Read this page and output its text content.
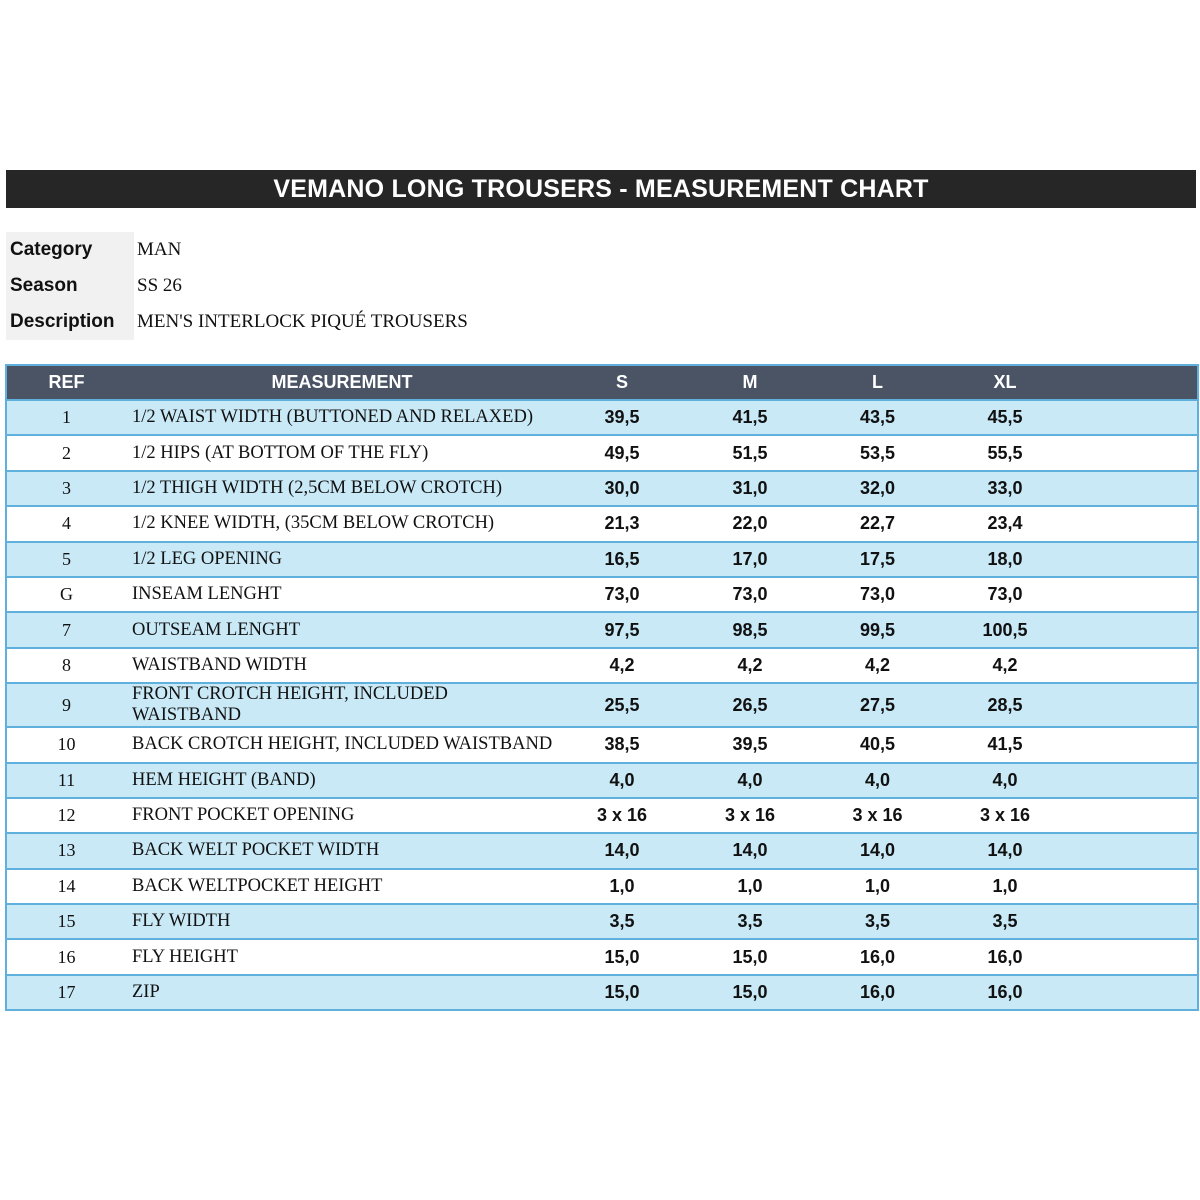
VEMANO LONG TROUSERS - MEASUREMENT CHART
Category	MAN
Season	SS 26
Description	MEN'S INTERLOCK PIQUÉ TROUSERS
REF	MEASUREMENT	S	M	L	XL
1	1/2 WAIST WIDTH (BUTTONED AND RELAXED)	39,5	41,5	43,5	45,5
2	1/2 HIPS (AT BOTTOM OF THE FLY)	49,5	51,5	53,5	55,5
3	1/2 THIGH WIDTH (2,5CM BELOW CROTCH)	30,0	31,0	32,0	33,0
4	1/2 KNEE WIDTH, (35CM BELOW CROTCH)	21,3	22,0	22,7	23,4
5	1/2 LEG OPENING	16,5	17,0	17,5	18,0
G	INSEAM LENGHT	73,0	73,0	73,0	73,0
7	OUTSEAM LENGHT	97,5	98,5	99,5	100,5
8	WAISTBAND WIDTH	4,2	4,2	4,2	4,2
9	FRONT CROTCH HEIGHT, INCLUDED WAISTBAND	25,5	26,5	27,5	28,5
10	BACK CROTCH HEIGHT, INCLUDED WAISTBAND	38,5	39,5	40,5	41,5
11	HEM HEIGHT (BAND)	4,0	4,0	4,0	4,0
12	FRONT POCKET OPENING	3 x 16	3 x 16	3 x 16	3 x 16
13	BACK WELT POCKET WIDTH	14,0	14,0	14,0	14,0
14	BACK WELTPOCKET HEIGHT	1,0	1,0	1,0	1,0
15	FLY WIDTH	3,5	3,5	3,5	3,5
16	FLY HEIGHT	15,0	15,0	16,0	16,0
17	ZIP	15,0	15,0	16,0	16,0
